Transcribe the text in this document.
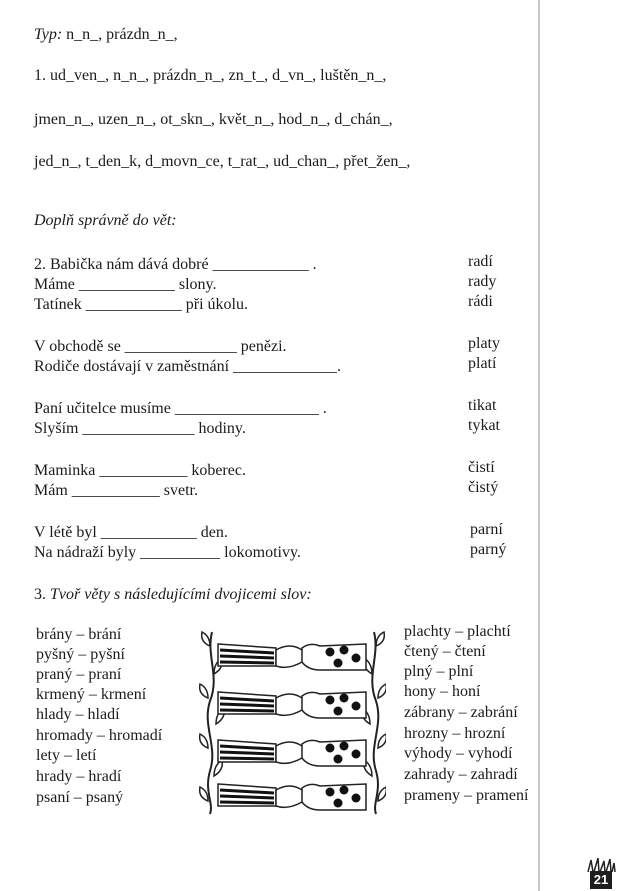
Typ: n_n_, prázdn_n_,
1. ud_ven_, n_n_, prázdn_n_, zn_t_, d_vn_, luštěn_n_,
jmen_n_, uzen_n_, ot_skn_, květ_n_, hod_n_, d_chán_,
jed_n_, t_den_k, d_movn_ce, t_rat_, ud_chan_, přet_žen_,
Doplň správně do vět:
2. Babička nám dává dobré ____________ .
Máme ____________ slony.
Tatínek ____________ při úkolu.
radí
rady
rádi
V obchodě se ______________ penězi.
Rodiče dostávají v zaměstnání _____________.
platy
platí
Paní učitelce musíme __________________ .
Slyším ______________ hodiny.
tikat
tykat
Maminka ___________ koberec.
Mám ___________ svetr.
čistí
čistý
V létě byl ____________ den.
Na nádraží byly __________ lokomotivy.
parní
parný
3. Tvoř věty s následujícími dvojicemi slov:
brány – brání
pyšný – pyšní
praný – praní
krmený – krmení
hlady – hladí
hromady – hromadí
lety – letí
hrady – hradí
psaní – psaný
plachty – plachtí
čtený – čtení
plný – plní
hony – honí
zábrany – zabrání
hrozny – hrozní
výhody – vyhodí
zahrady – zahradí
prameny – pramení
21
